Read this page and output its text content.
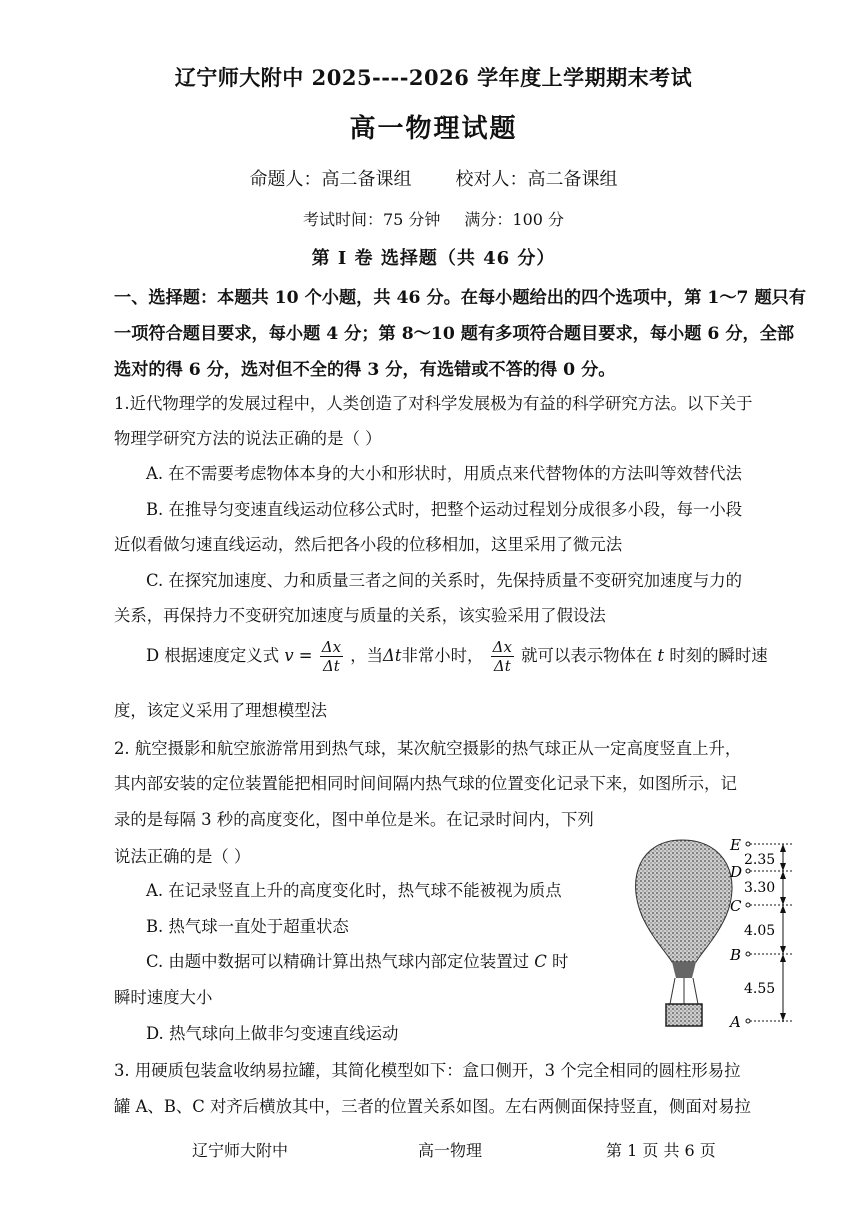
辽宁师大附中 2025----2026 学年度上学期期末考试
高一物理试题
命题人：高二备课组 校对人：高二备课组
考试时间：75 分钟 满分：100 分
第 Ⅰ 卷 选择题（共 46 分）
一、选择题：本题共 10 个小题，共 46 分。在每小题给出的四个选项中，第 1～7 题只有
一项符合题目要求，每小题 4 分；第 8～10 题有多项符合题目要求，每小题 6 分，全部
选对的得 6 分，选对但不全的得 3 分，有选错或不答的得 0 分。
1.近代物理学的发展过程中，人类创造了对科学发展极为有益的科学研究方法。以下关于
物理学研究方法的说法正确的是（ ）
A. 在不需要考虑物体本身的大小和形状时，用质点来代替物体的方法叫等效替代法
B. 在推导匀变速直线运动位移公式时，把整个运动过程划分成很多小段，每一小段
近似看做匀速直线运动，然后把各小段的位移相加，这里采用了微元法
C. 在探究加速度、力和质量三者之间的关系时，先保持质量不变研究加速度与力的
关系，再保持力不变研究加速度与质量的关系，该实验采用了假设法
D 根据速度定义式 $v = \frac{\Delta x}{\Delta t}$ ，当Δt非常小时， $\frac{\Delta x}{\Delta t}$ 就可以表示物体在 t 时刻的瞬时速
度，该定义采用了理想模型法
2. 航空摄影和航空旅游常用到热气球，某次航空摄影的热气球正从一定高度竖直上升，
其内部安装的定位装置能把相同时间间隔内热气球的位置变化记录下来，如图所示，记
录的是每隔 3 秒的高度变化，图中单位是米。在记录时间内，下列
说法正确的是（ ）
A. 在记录竖直上升的高度变化时，热气球不能被视为质点
B. 热气球一直处于超重状态
C. 由题中数据可以精确计算出热气球内部定位装置过 C 时
瞬时速度大小
D. 热气球向上做非匀变速直线运动
E
D
C
B
A
2.35
3.30
4.05
4.55
3. 用硬质包装盒收纳易拉罐，其简化模型如下：盒口侧开，3 个完全相同的圆柱形易拉
罐 A、B、C 对齐后横放其中，三者的位置关系如图。左右两侧面保持竖直，侧面对易拉
辽宁师大附中	高一物理	第 1 页 共 6 页
